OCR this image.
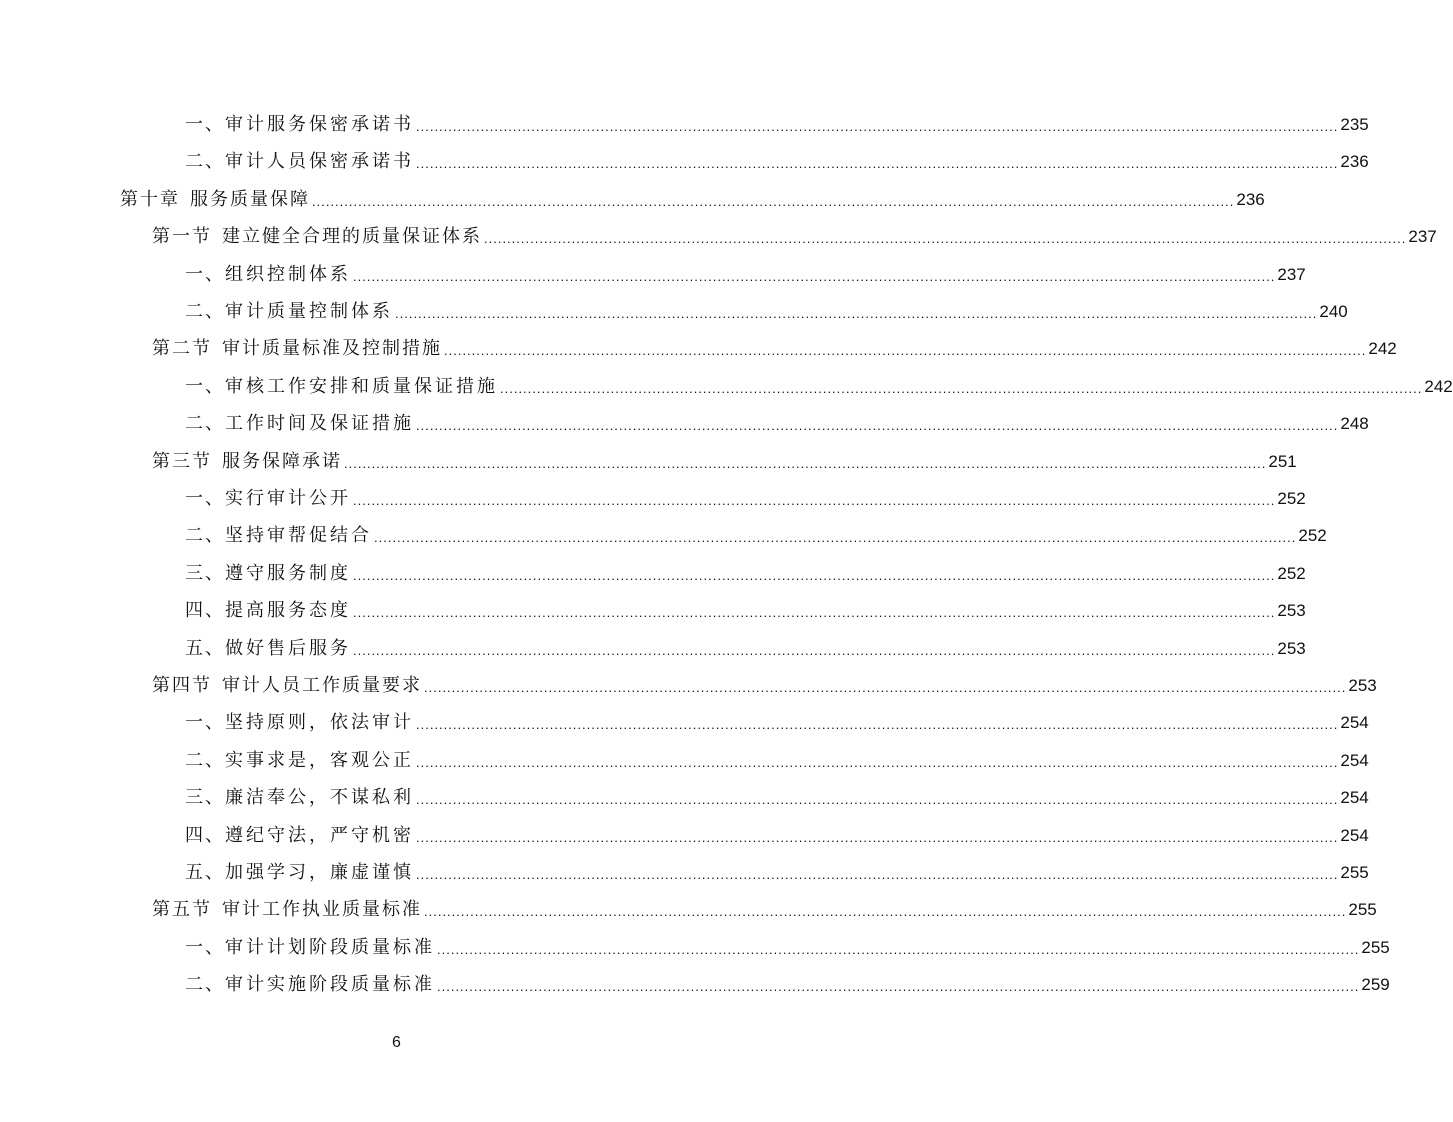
一、 审计服务保密承诺书 ........................................................................................................................................................................................................ 235
二、 审计人员保密承诺书 ........................................................................................................................................................................................................ 236
第十章 服务质量保障 ........................................................................................................................................................................................................ 236
第一节 建立健全合理的质量保证体系 ........................................................................................................................................................................................................ 237
一、 组织控制体系 ........................................................................................................................................................................................................ 237
二、 审计质量控制体系 ........................................................................................................................................................................................................ 240
第二节 审计质量标准及控制措施 ........................................................................................................................................................................................................ 242
一、 审核工作安排和质量保证措施 ........................................................................................................................................................................................................ 242
二、 工作时间及保证措施 ........................................................................................................................................................................................................ 248
第三节 服务保障承诺 ........................................................................................................................................................................................................ 251
一、 实行审计公开 ........................................................................................................................................................................................................ 252
二、 坚持审帮促结合 ........................................................................................................................................................................................................ 252
三、 遵守服务制度 ........................................................................................................................................................................................................ 252
四、 提高服务态度 ........................................................................................................................................................................................................ 253
五、 做好售后服务 ........................................................................................................................................................................................................ 253
第四节 审计人员工作质量要求 ........................................................................................................................................................................................................ 253
一、 坚持原则，依法审计 ........................................................................................................................................................................................................ 254
二、 实事求是，客观公正 ........................................................................................................................................................................................................ 254
三、 廉洁奉公，不谋私利 ........................................................................................................................................................................................................ 254
四、 遵纪守法，严守机密 ........................................................................................................................................................................................................ 254
五、 加强学习，廉虚谨慎 ........................................................................................................................................................................................................ 255
第五节 审计工作执业质量标准 ........................................................................................................................................................................................................ 255
一、 审计计划阶段质量标准 ........................................................................................................................................................................................................ 255
二、 审计实施阶段质量标准 ........................................................................................................................................................................................................ 259
6
